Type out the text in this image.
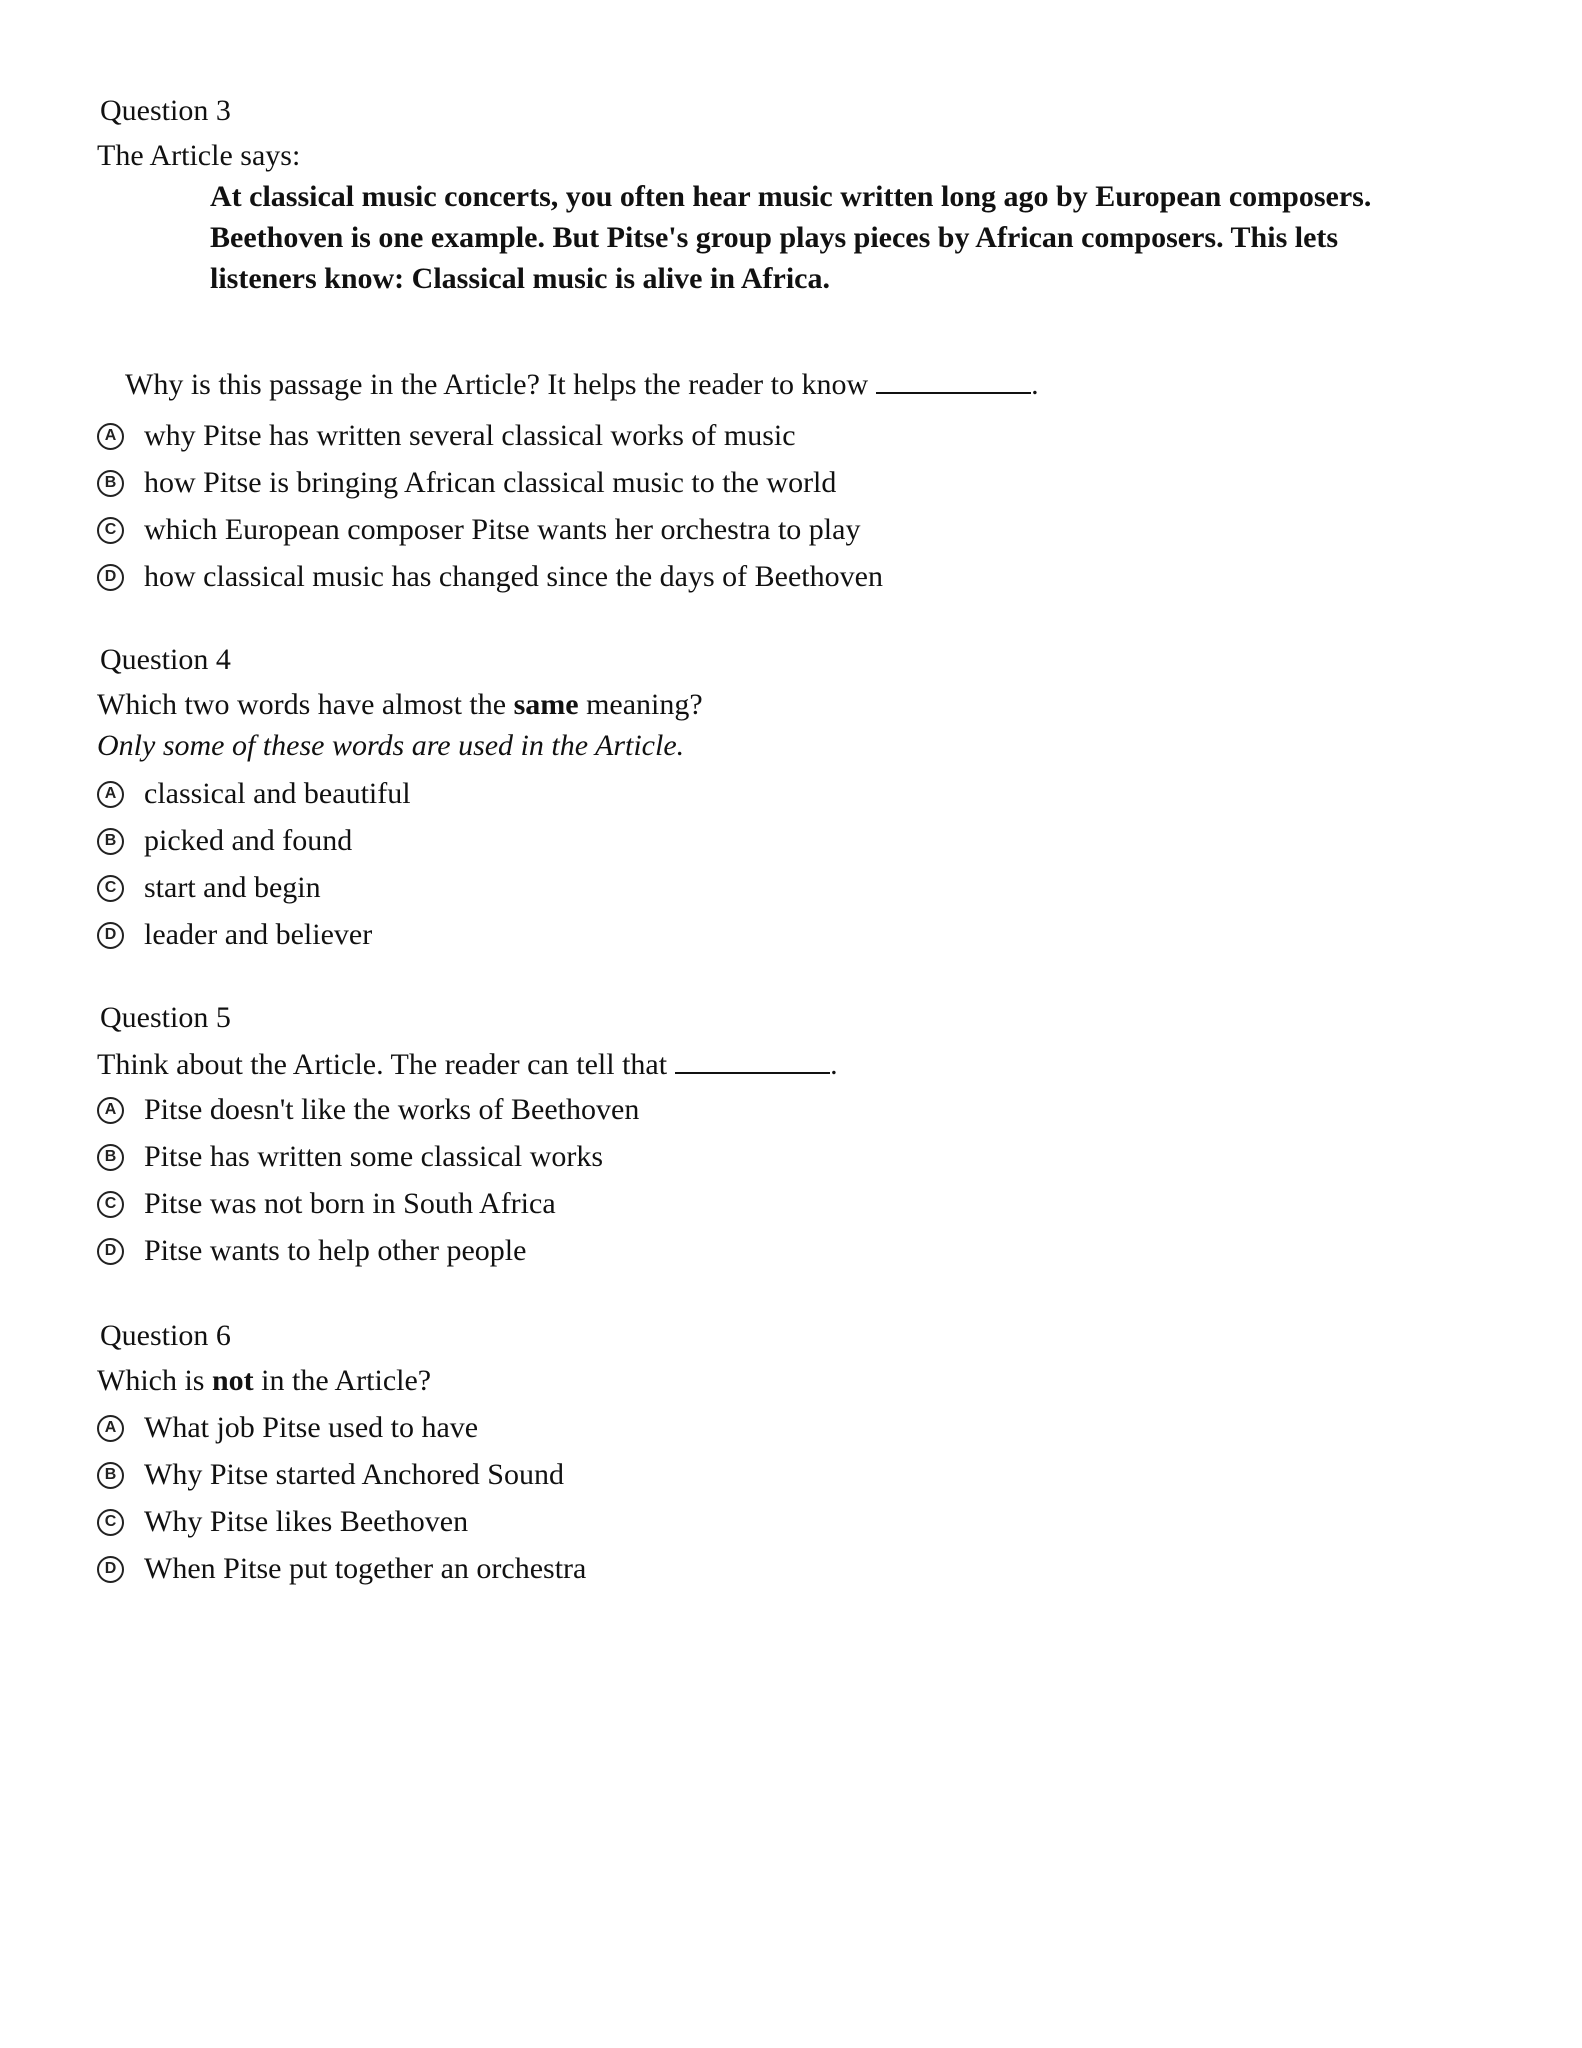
Question 3
The Article says:
At classical music concerts, you often hear music written long ago by European composers.
Beethoven is one example. But Pitse's group plays pieces by African composers. This lets
listeners know: Classical music is alive in Africa.
Why is this passage in the Article? It helps the reader to know	.
A why Pitse has written several classical works of music
B how Pitse is bringing African classical music to the world
C which European composer Pitse wants her orchestra to play
D how classical music has changed since the days of Beethoven
Question 4
Which two words have almost the same meaning?
Only some of these words are used in the Article.
A classical and beautiful
B picked and found
C start and begin
D leader and believer
Question 5
Think about the Article. The reader can tell that	.
A Pitse doesn't like the works of Beethoven
B Pitse has written some classical works
C Pitse was not born in South Africa
D Pitse wants to help other people
Question 6
Which is not in the Article?
A What job Pitse used to have
B Why Pitse started Anchored Sound
C Why Pitse likes Beethoven
D When Pitse put together an orchestra
